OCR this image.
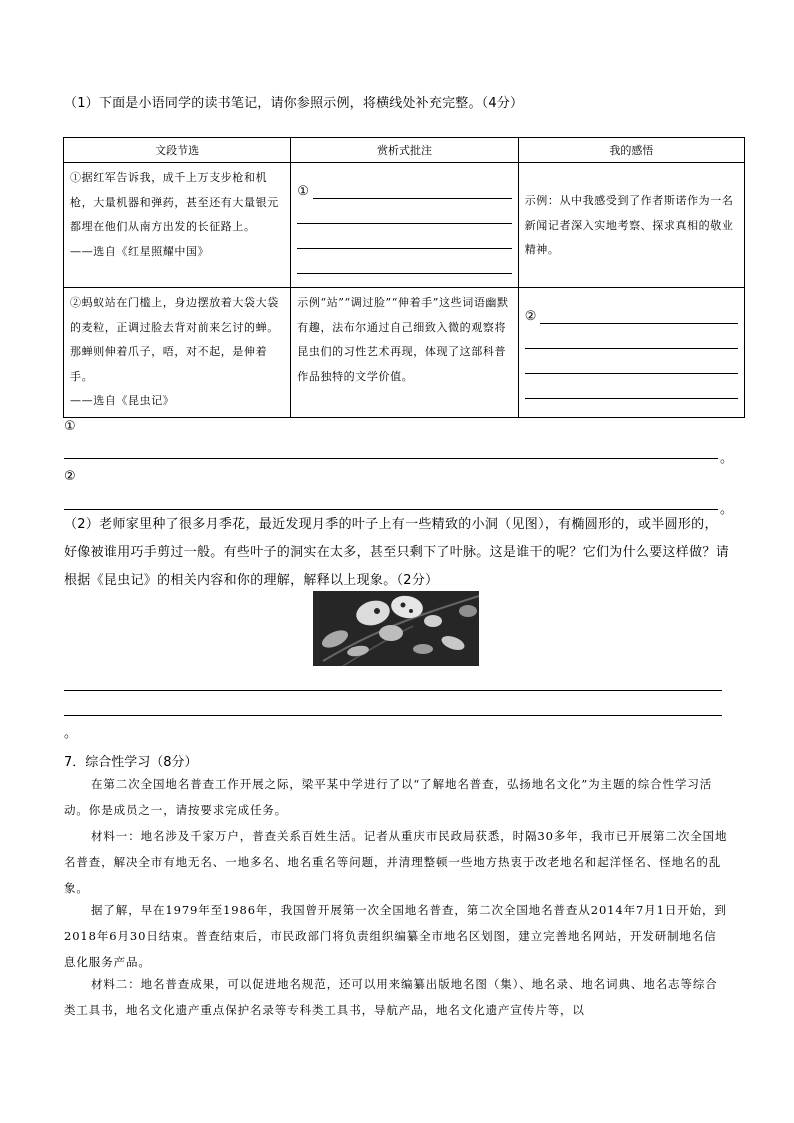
（1）下面是小语同学的读书笔记，请你参照示例，将横线处补充完整。（4分）
文段节选	赏析式批注	我的感悟

①据红军告诉我，成千上万支步枪和机枪，大量机器和弹药，甚至还有大量银元都埋在他们从南方出发的长征路上。
——选自《红星照耀中国》	①	示例：从中我感受到了作者斯诺作为一名新闻记者深入实地考察、探求真相的敬业精神。

②蚂蚁站在门槛上，身边摆放着大袋大袋的麦粒，正调过脸去背对前来乞讨的蝉。那蝉则伸着爪子，唔，对不起，是伸着手。
——选自《昆虫记》	示例“站”“调过脸”“伸着手”这些词语幽默有趣，法布尔通过自己细致入微的观察将昆虫们的习性艺术再现，体现了这部科普作品独特的文学价值。	②
①
。
②
。
（2）老师家里种了很多月季花，最近发现月季的叶子上有一些精致的小洞（见图），有椭圆形的，或半圆形的，好像被谁用巧手剪过一般。有些叶子的洞实在太多，甚至只剩下了叶脉。这是谁干的呢？它们为什么要这样做？请根据《昆虫记》的相关内容和你的理解，解释以上现象。（2分）
。
7．综合性学习（8分）
在第二次全国地名普查工作开展之际，梁平某中学进行了以“了解地名普查，弘扬地名文化”为主题的综合性学习活动。你是成员之一，请按要求完成任务。
材料一：地名涉及千家万户，普查关系百姓生活。记者从重庆市民政局获悉，时隔30多年，我市已开展第二次全国地名普查，解决全市有地无名、一地多名、地名重名等问题，并清理整顿一些地方热衷于改老地名和起洋怪名、怪地名的乱象。
据了解，早在1979年至1986年，我国曾开展第一次全国地名普查，第二次全国地名普查从2014年7月1日开始，到2018年6月30日结束。普查结束后，市民政部门将负责组织编纂全市地名区划图，建立完善地名网站，开发研制地名信息化服务产品。
材料二：地名普查成果，可以促进地名规范，还可以用来编纂出版地名图（集）、地名录、地名词典、地名志等综合类工具书，地名文化遗产重点保护名录等专科类工具书，导航产品，地名文化遗产宣传片等，以
